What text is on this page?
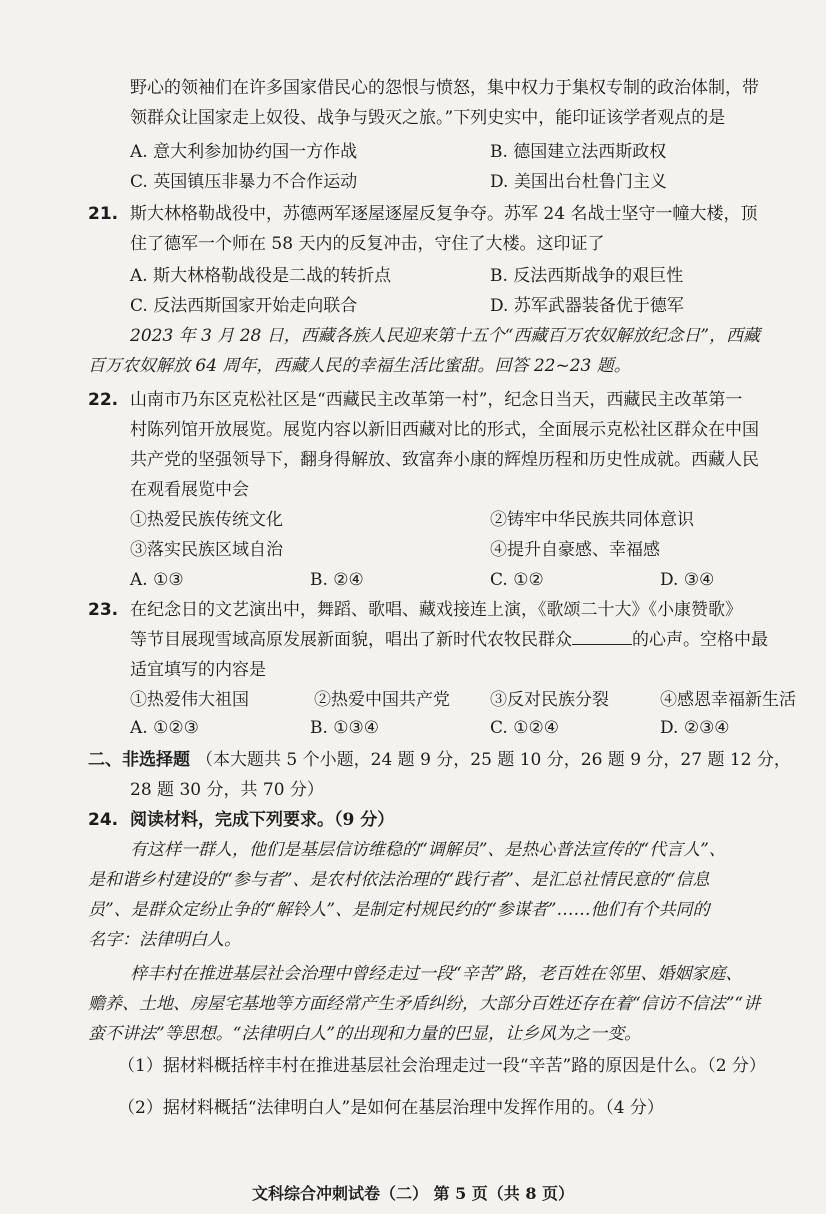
野心的领袖们在许多国家借民心的怨恨与愤怒，集中权力于集权专制的政治体制，带
领群众让国家走上奴役、战争与毁灭之旅。”下列史实中，能印证该学者观点的是
A. 意大利参加协约国一方作战	B. 德国建立法西斯政权
C. 英国镇压非暴力不合作运动	D. 美国出台杜鲁门主义
21. 斯大林格勒战役中，苏德两军逐屋逐屋反复争夺。苏军 24 名战士坚守一幢大楼，顶
住了德军一个师在 58 天内的反复冲击，守住了大楼。这印证了
A. 斯大林格勒战役是二战的转折点	B. 反法西斯战争的艰巨性
C. 反法西斯国家开始走向联合	D. 苏军武器装备优于德军
2023 年 3 月 28 日，西藏各族人民迎来第十五个“西藏百万农奴解放纪念日”，西藏
百万农奴解放 64 周年，西藏人民的幸福生活比蜜甜。回答 22~23 题。
22. 山南市乃东区克松社区是“西藏民主改革第一村”，纪念日当天，西藏民主改革第一
村陈列馆开放展览。展览内容以新旧西藏对比的形式，全面展示克松社区群众在中国
共产党的坚强领导下，翻身得解放、致富奔小康的辉煌历程和历史性成就。西藏人民
在观看展览中会
①热爱民族传统文化	②铸牢中华民族共同体意识
③落实民族区域自治	④提升自豪感、幸福感
A. ①③	B. ②④	C. ①②	D. ③④
23. 在纪念日的文艺演出中，舞蹈、歌唱、藏戏接连上演，《歌颂二十大》《小康赞歌》
等节目展现雪域高原发展新面貌，唱出了新时代农牧民群众	的心声。空格中最
适宜填写的内容是
①热爱伟大祖国	②热爱中国共产党 ③反对民族分裂	④感恩幸福新生活
A. ①②③	B. ①③④	C. ①②④	D. ②③④
二、非选择题 （本大题共 5 个小题，24 题 9 分，25 题 10 分，26 题 9 分，27 题 12 分，
28 题 30 分，共 70 分）
24. 阅读材料，完成下列要求。（9 分）
有这样一群人，他们是基层信访维稳的“调解员”、是热心普法宣传的“代言人”、
是和谐乡村建设的“参与者”、是农村依法治理的“践行者”、是汇总社情民意的“信息
员”、是群众定纷止争的“解铃人”、是制定村规民约的“参谋者”……他们有个共同的
名字：法律明白人。
梓丰村在推进基层社会治理中曾经走过一段“辛苦”路，老百姓在邻里、婚姻家庭、
赡养、土地、房屋宅基地等方面经常产生矛盾纠纷，大部分百姓还存在着“信访不信法”“讲
蛮不讲法”等思想。“法律明白人”的出现和力量的巴显，让乡风为之一变。
（1）据材料概括梓丰村在推进基层社会治理走过一段“辛苦”路的原因是什么。（2 分）
（2）据材料概括“法律明白人”是如何在基层治理中发挥作用的。（4 分）
文科综合冲刺试卷（二） 第 5 页（共 8 页）
